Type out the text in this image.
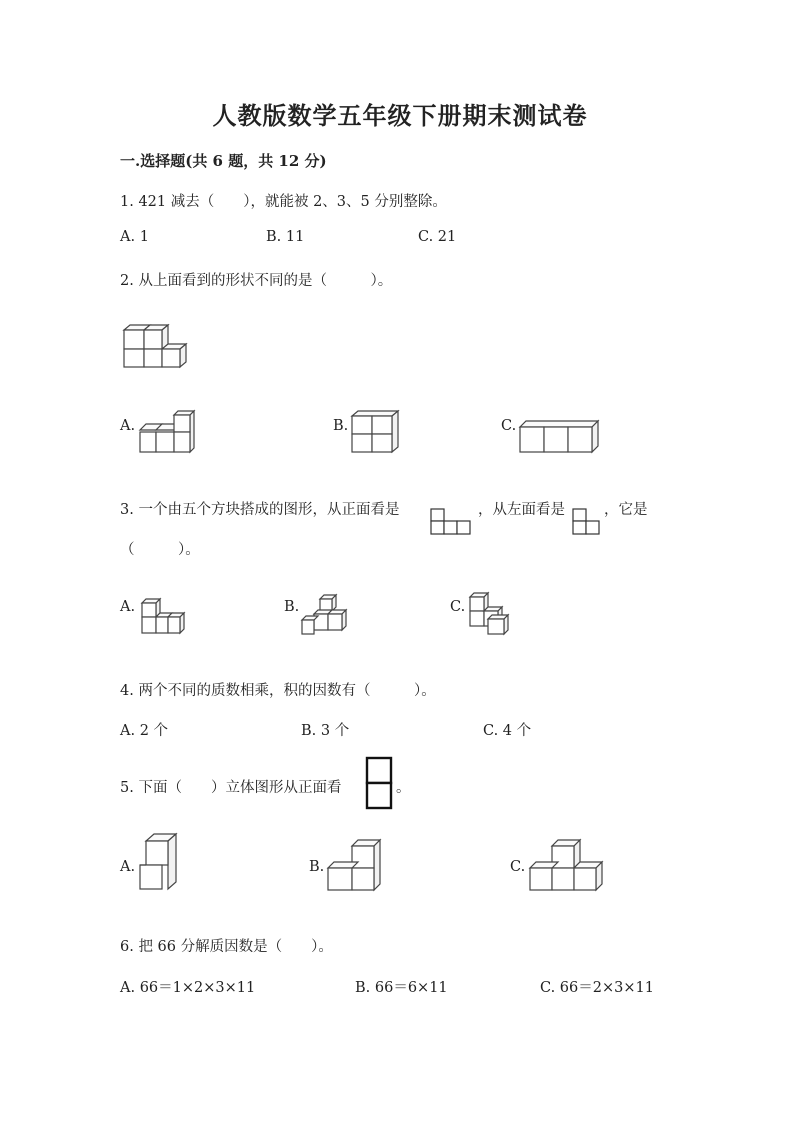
人教版数学五年级下册期末测试卷
一.选择题(共 6 题，共 12 分)
1. 421 减去（　　），就能被 2、3、5 分别整除。
A. 1	B. 11	C. 21
2. 从上面看到的形状不同的是（　　　）。
A.	B.	C.
3. 一个由五个方块搭成的图形，从正面看是	，从左面看是	，它是
（　　　）。
A.	B.	C.
4. 两个不同的质数相乘，积的因数有（　　　）。
A. 2 个	B. 3 个	C. 4 个
5. 下面（　　）立体图形从正面看	。
A.	B.	C.
6. 把 66 分解质因数是（　　）。
A. 66＝1×2×3×11	B. 66＝6×11	C. 66＝2×3×11
